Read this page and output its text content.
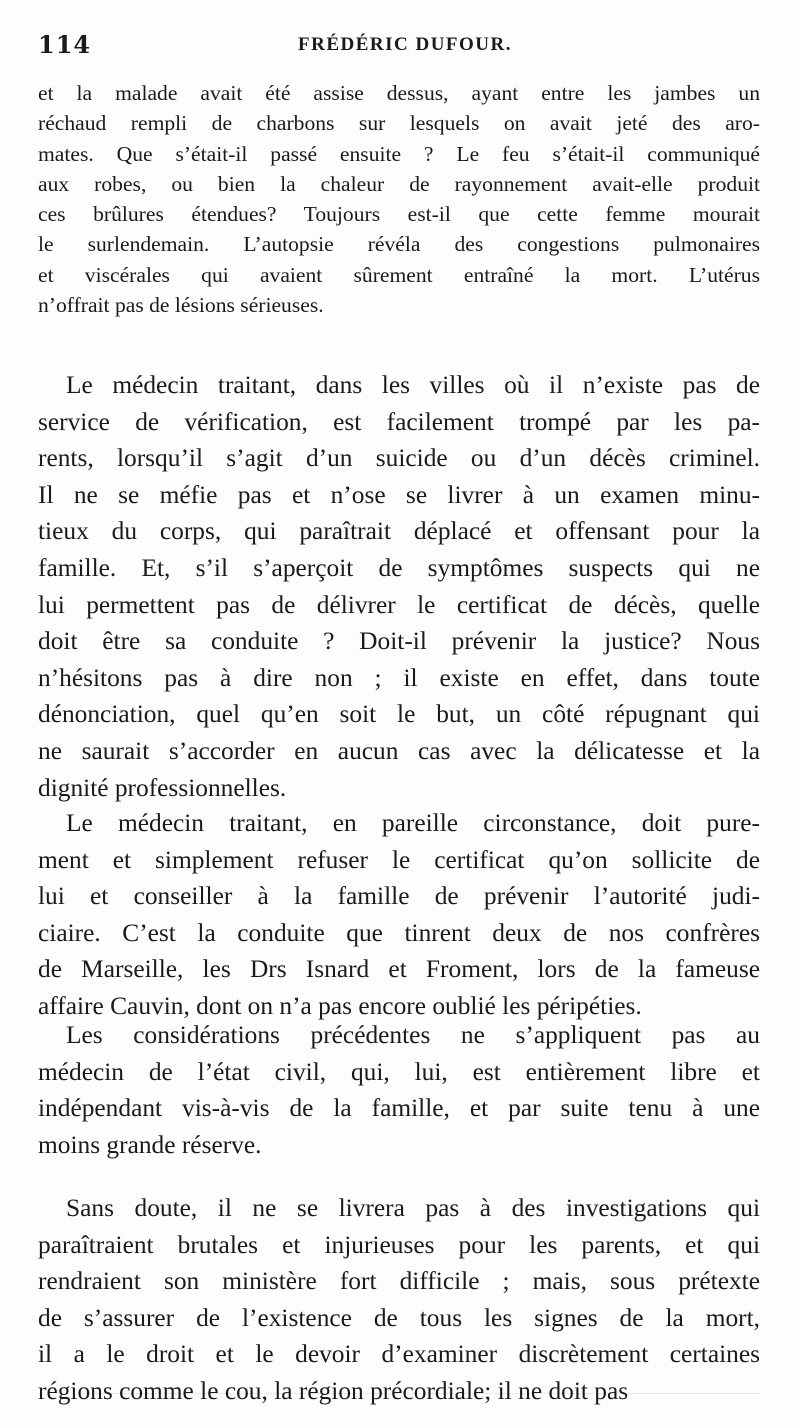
114	FRÉDÉRIC DUFOUR.
et la malade avait été assise dessus, ayant entre les jambes un
réchaud rempli de charbons sur lesquels on avait jeté des aro-
mates. Que s’était-il passé ensuite ? Le feu s’était-il communiqué
aux robes, ou bien la chaleur de rayonnement avait-elle produit
ces brûlures étendues? Toujours est-il que cette femme mourait
le surlendemain. L’autopsie révéla des congestions pulmonaires
et viscérales qui avaient sûrement entraîné la mort. L’utérus
n’offrait pas de lésions sérieuses.
Le médecin traitant, dans les villes où il n’existe pas de
service de vérification, est facilement trompé par les pa-
rents, lorsqu’il s’agit d’un suicide ou d’un décès criminel.
Il ne se méfie pas et n’ose se livrer à un examen minu-
tieux du corps, qui paraîtrait déplacé et offensant pour la
famille. Et, s’il s’aperçoit de symptômes suspects qui ne
lui permettent pas de délivrer le certificat de décès, quelle
doit être sa conduite ? Doit-il prévenir la justice? Nous
n’hésitons pas à dire non ; il existe en effet, dans toute
dénonciation, quel qu’en soit le but, un côté répugnant qui
ne saurait s’accorder en aucun cas avec la délicatesse et la
dignité professionnelles.
Le médecin traitant, en pareille circonstance, doit pure-
ment et simplement refuser le certificat qu’on sollicite de
lui et conseiller à la famille de prévenir l’autorité judi-
ciaire. C’est la conduite que tinrent deux de nos confrères
de Marseille, les Drs Isnard et Froment, lors de la fameuse
affaire Cauvin, dont on n’a pas encore oublié les péripéties.
Les considérations précédentes ne s’appliquent pas au
médecin de l’état civil, qui, lui, est entièrement libre et
indépendant vis-à-vis de la famille, et par suite tenu à une
moins grande réserve.
Sans doute, il ne se livrera pas à des investigations qui
paraîtraient brutales et injurieuses pour les parents, et qui
rendraient son ministère fort difficile ; mais, sous prétexte
de s’assurer de l’existence de tous les signes de la mort,
il a le droit et le devoir d’examiner discrètement certaines
régions comme le cou, la région précordiale; il ne doit pas
